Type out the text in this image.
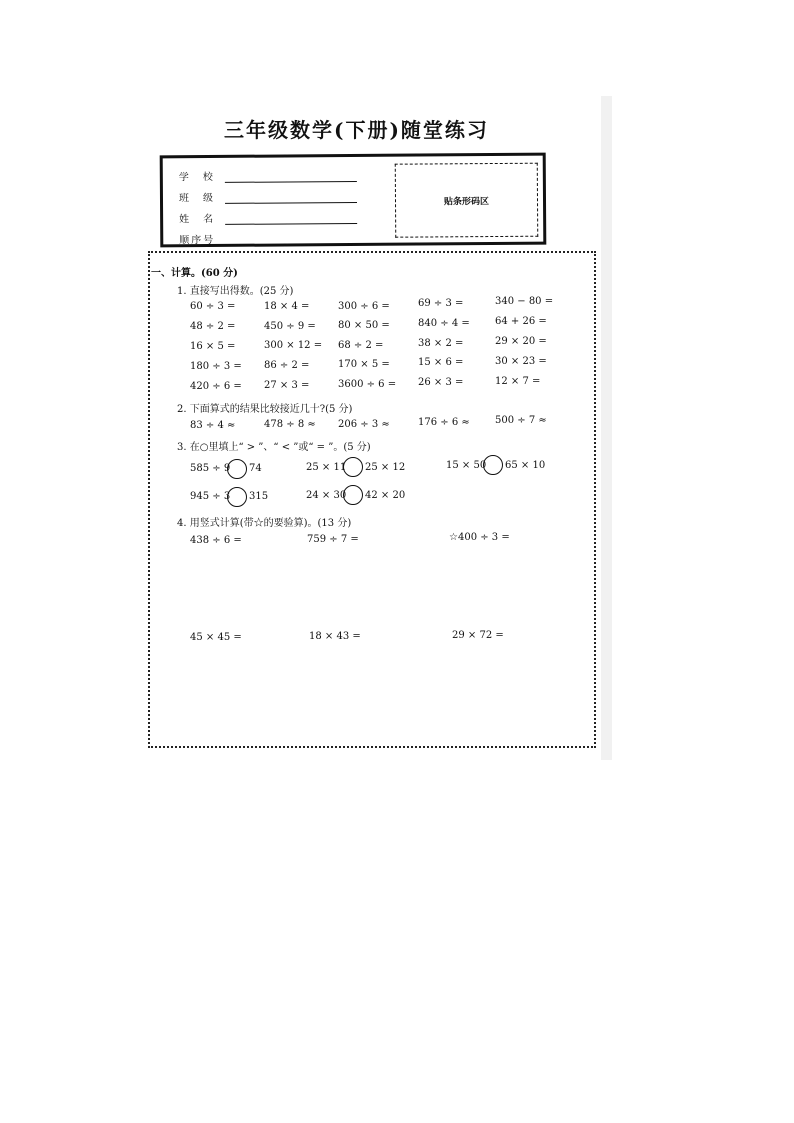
三年级数学(下册)随堂练习
学　校
班　级
姓　名
顺序号
贴条形码区
一、计算。(60 分)
1. 直接写出得数。(25 分)
60 ÷ 3 =	18 × 4 =	300 ÷ 6 =	69 ÷ 3 =	340 − 80 =
48 ÷ 2 =	450 ÷ 9 = 80 × 50 =	840 ÷ 4 =	64 + 26 =
16 × 5 =	300 × 12 = 68 ÷ 2 =	38 × 2 =	29 × 20 =
180 ÷ 3 = 86 ÷ 2 =	170 × 5 =	15 × 6 =	30 × 23 =
420 ÷ 6 = 27 × 3 =	3600 ÷ 6 = 26 × 3 =	12 × 7 =
2. 下面算式的结果比较接近几十?(5 分)
83 ÷ 4 ≈	478 ÷ 8 ≈ 206 ÷ 3 ≈	176 ÷ 6 ≈	500 ÷ 7 ≈
3. 在○里填上“ > ”、“ < ”或“ = ”。(5 分)
585 ÷ 9 74	25 × 11 25 × 12	15 × 50 65 × 10
945 ÷ 3 315	24 × 30 42 × 20
4. 用竖式计算(带☆的要验算)。(13 分)
438 ÷ 6 =	759 ÷ 7 =	☆400 ÷ 3 =
45 × 45 =	18 × 43 =	29 × 72 =
